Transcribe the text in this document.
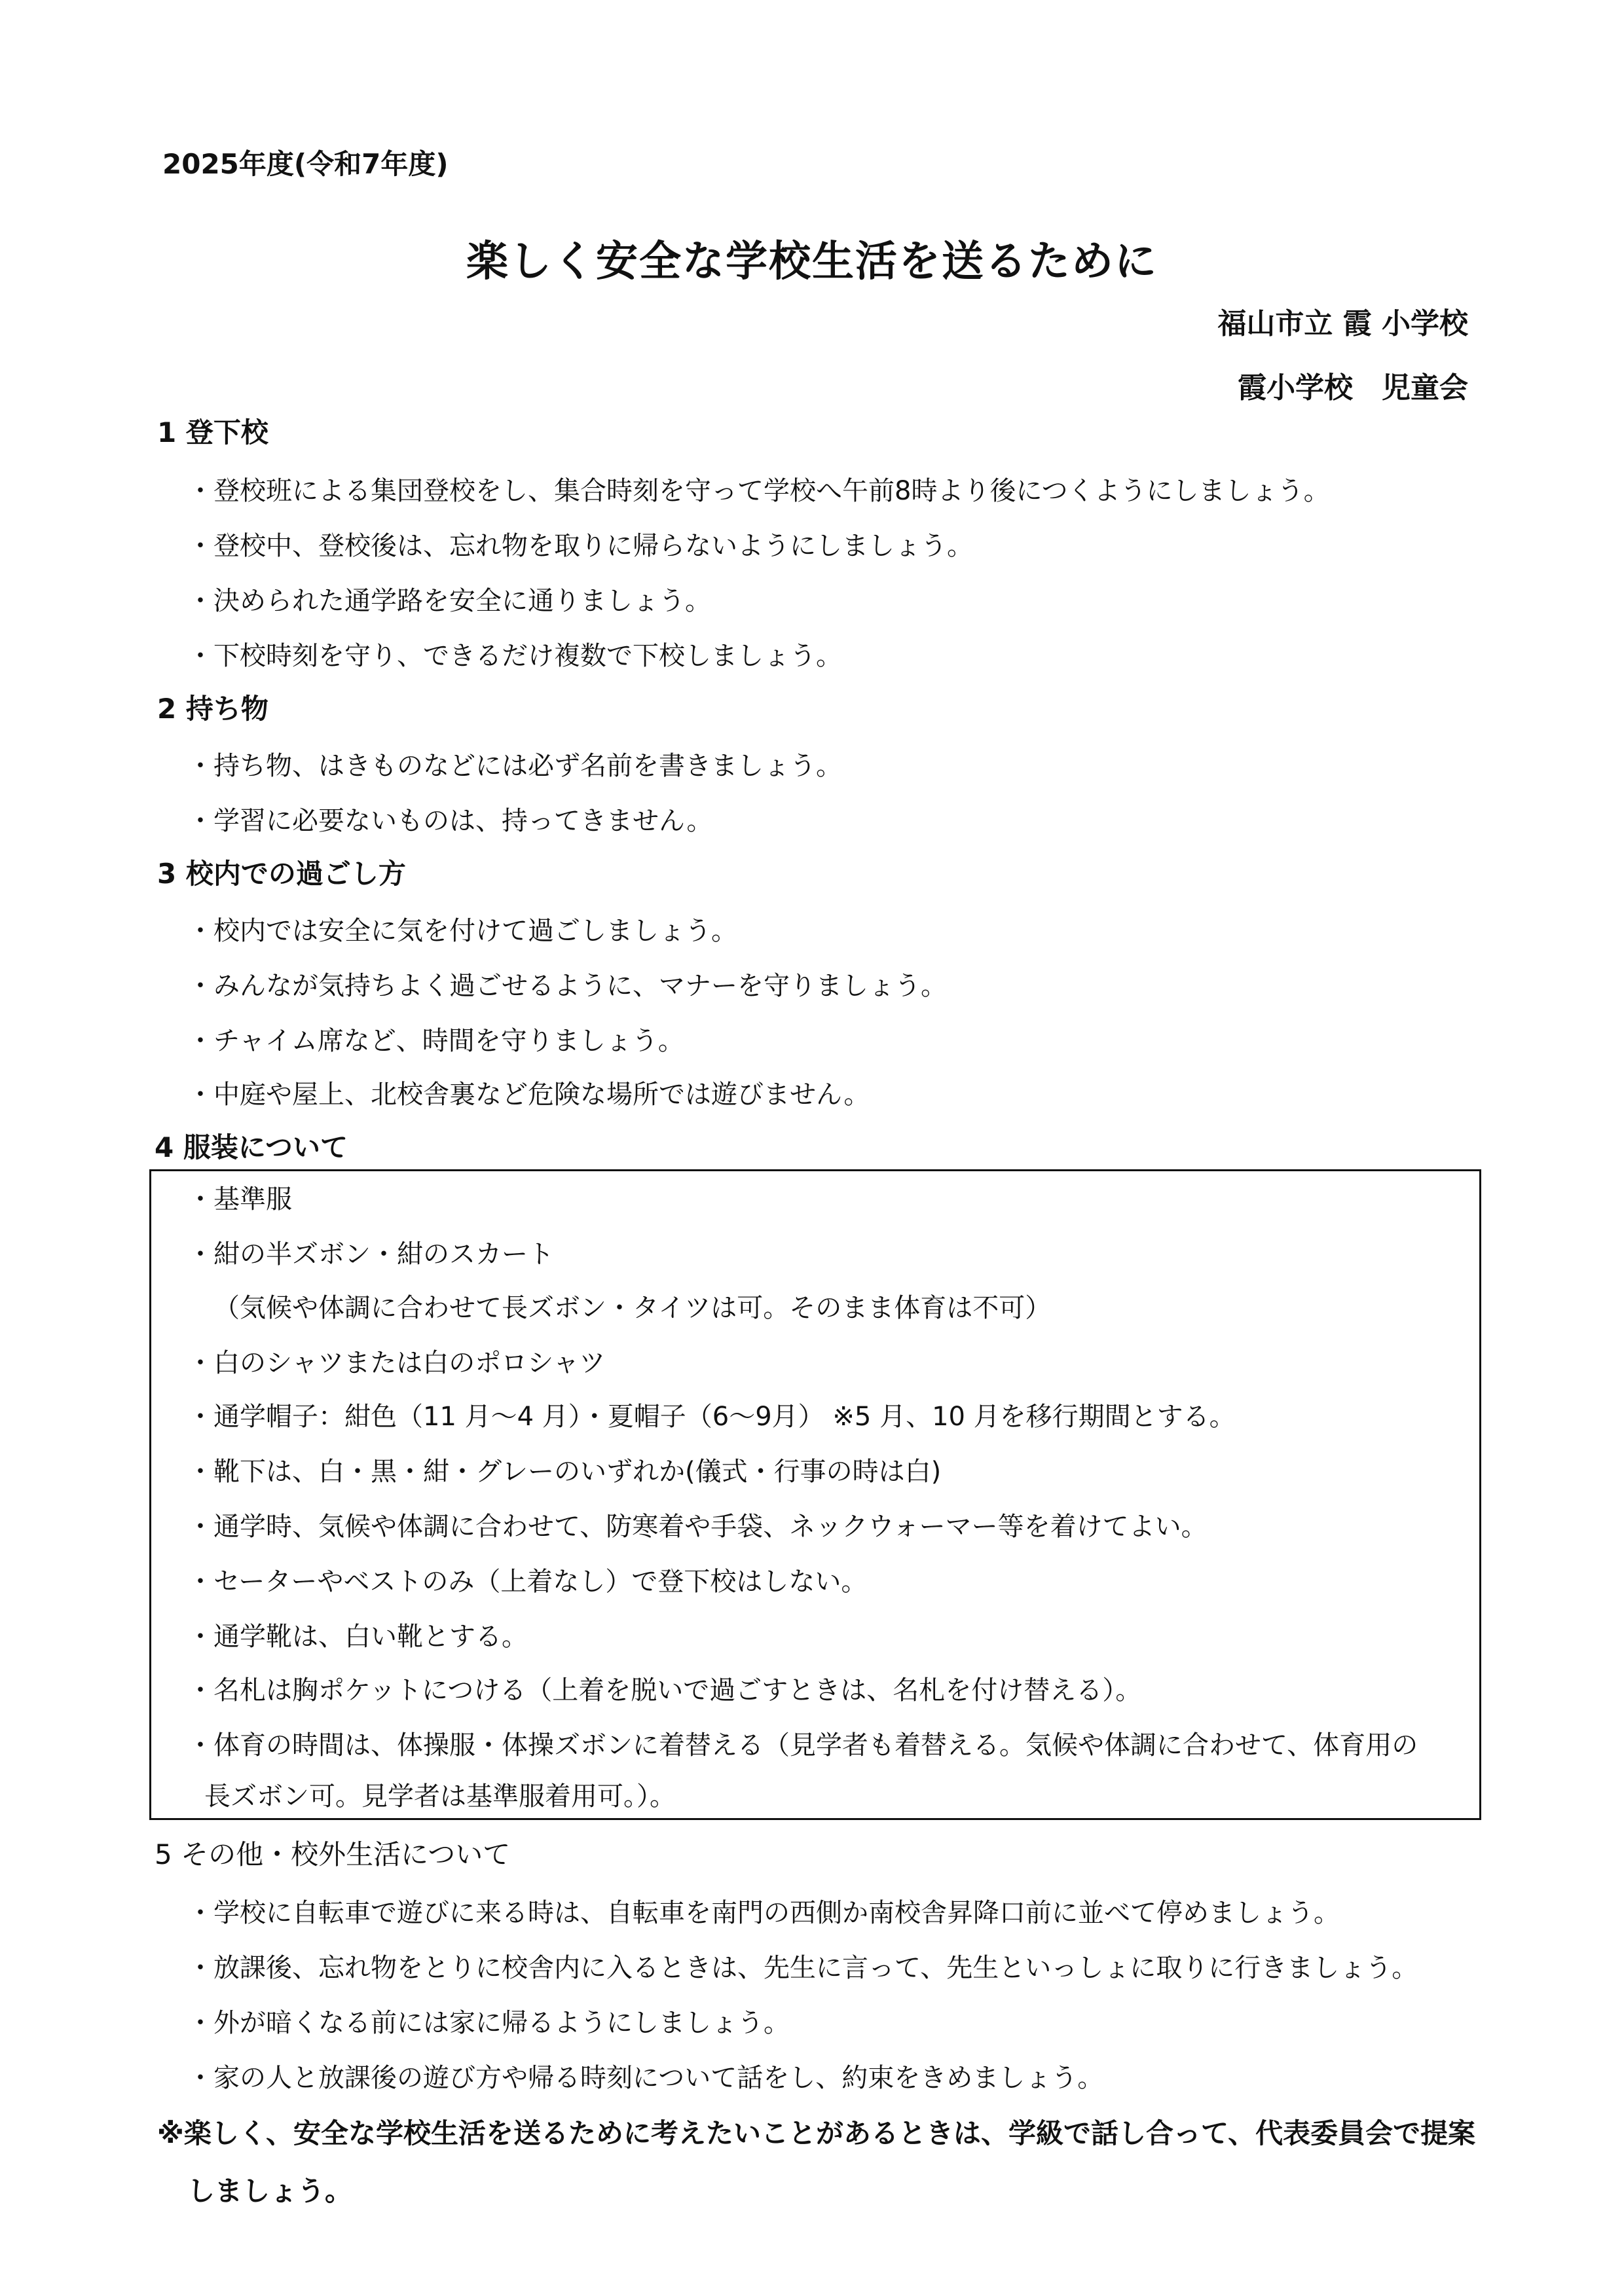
2025年度(令和7年度)
楽しく安全な学校生活を送るために
福山市立 霞 小学校
霞小学校　児童会
1 登下校
・登校班による集団登校をし、集合時刻を守って学校へ午前8時より後につくようにしましょう。
・登校中、登校後は、忘れ物を取りに帰らないようにしましょう。
・決められた通学路を安全に通りましょう。
・下校時刻を守り、できるだけ複数で下校しましょう。
2 持ち物
・持ち物、はきものなどには必ず名前を書きましょう。
・学習に必要ないものは、持ってきません。
3 校内での過ごし方
・校内では安全に気を付けて過ごしましょう。
・みんなが気持ちよく過ごせるように、マナーを守りましょう。
・チャイム席など、時間を守りましょう。
・中庭や屋上、北校舎裏など危険な場所では遊びません。
4 服装について
・基準服
・紺の半ズボン・紺のスカート
（気候や体調に合わせて長ズボン・タイツは可。そのまま体育は不可）
・白のシャツまたは白のポロシャツ
・通学帽子：紺色（11 月～4 月）・夏帽子（6～9月） ※5 月、10 月を移行期間とする。
・靴下は、白・黒・紺・グレーのいずれか(儀式・行事の時は白)
・通学時、気候や体調に合わせて、防寒着や手袋、ネックウォーマー等を着けてよい。
・セーターやベストのみ（上着なし）で登下校はしない。
・通学靴は、白い靴とする。
・名札は胸ポケットにつける（上着を脱いで過ごすときは、名札を付け替える）。
・体育の時間は、体操服・体操ズボンに着替える（見学者も着替える。気候や体調に合わせて、体育用の
長ズボン可。見学者は基準服着用可。）。
5 その他・校外生活について
・学校に自転車で遊びに来る時は、自転車を南門の西側か南校舎昇降口前に並べて停めましょう。
・放課後、忘れ物をとりに校舎内に入るときは、先生に言って、先生といっしょに取りに行きましょう。
・外が暗くなる前には家に帰るようにしましょう。
・家の人と放課後の遊び方や帰る時刻について話をし、約束をきめましょう。
※楽しく、安全な学校生活を送るために考えたいことがあるときは、学級で話し合って、代表委員会で提案
しましょう。
